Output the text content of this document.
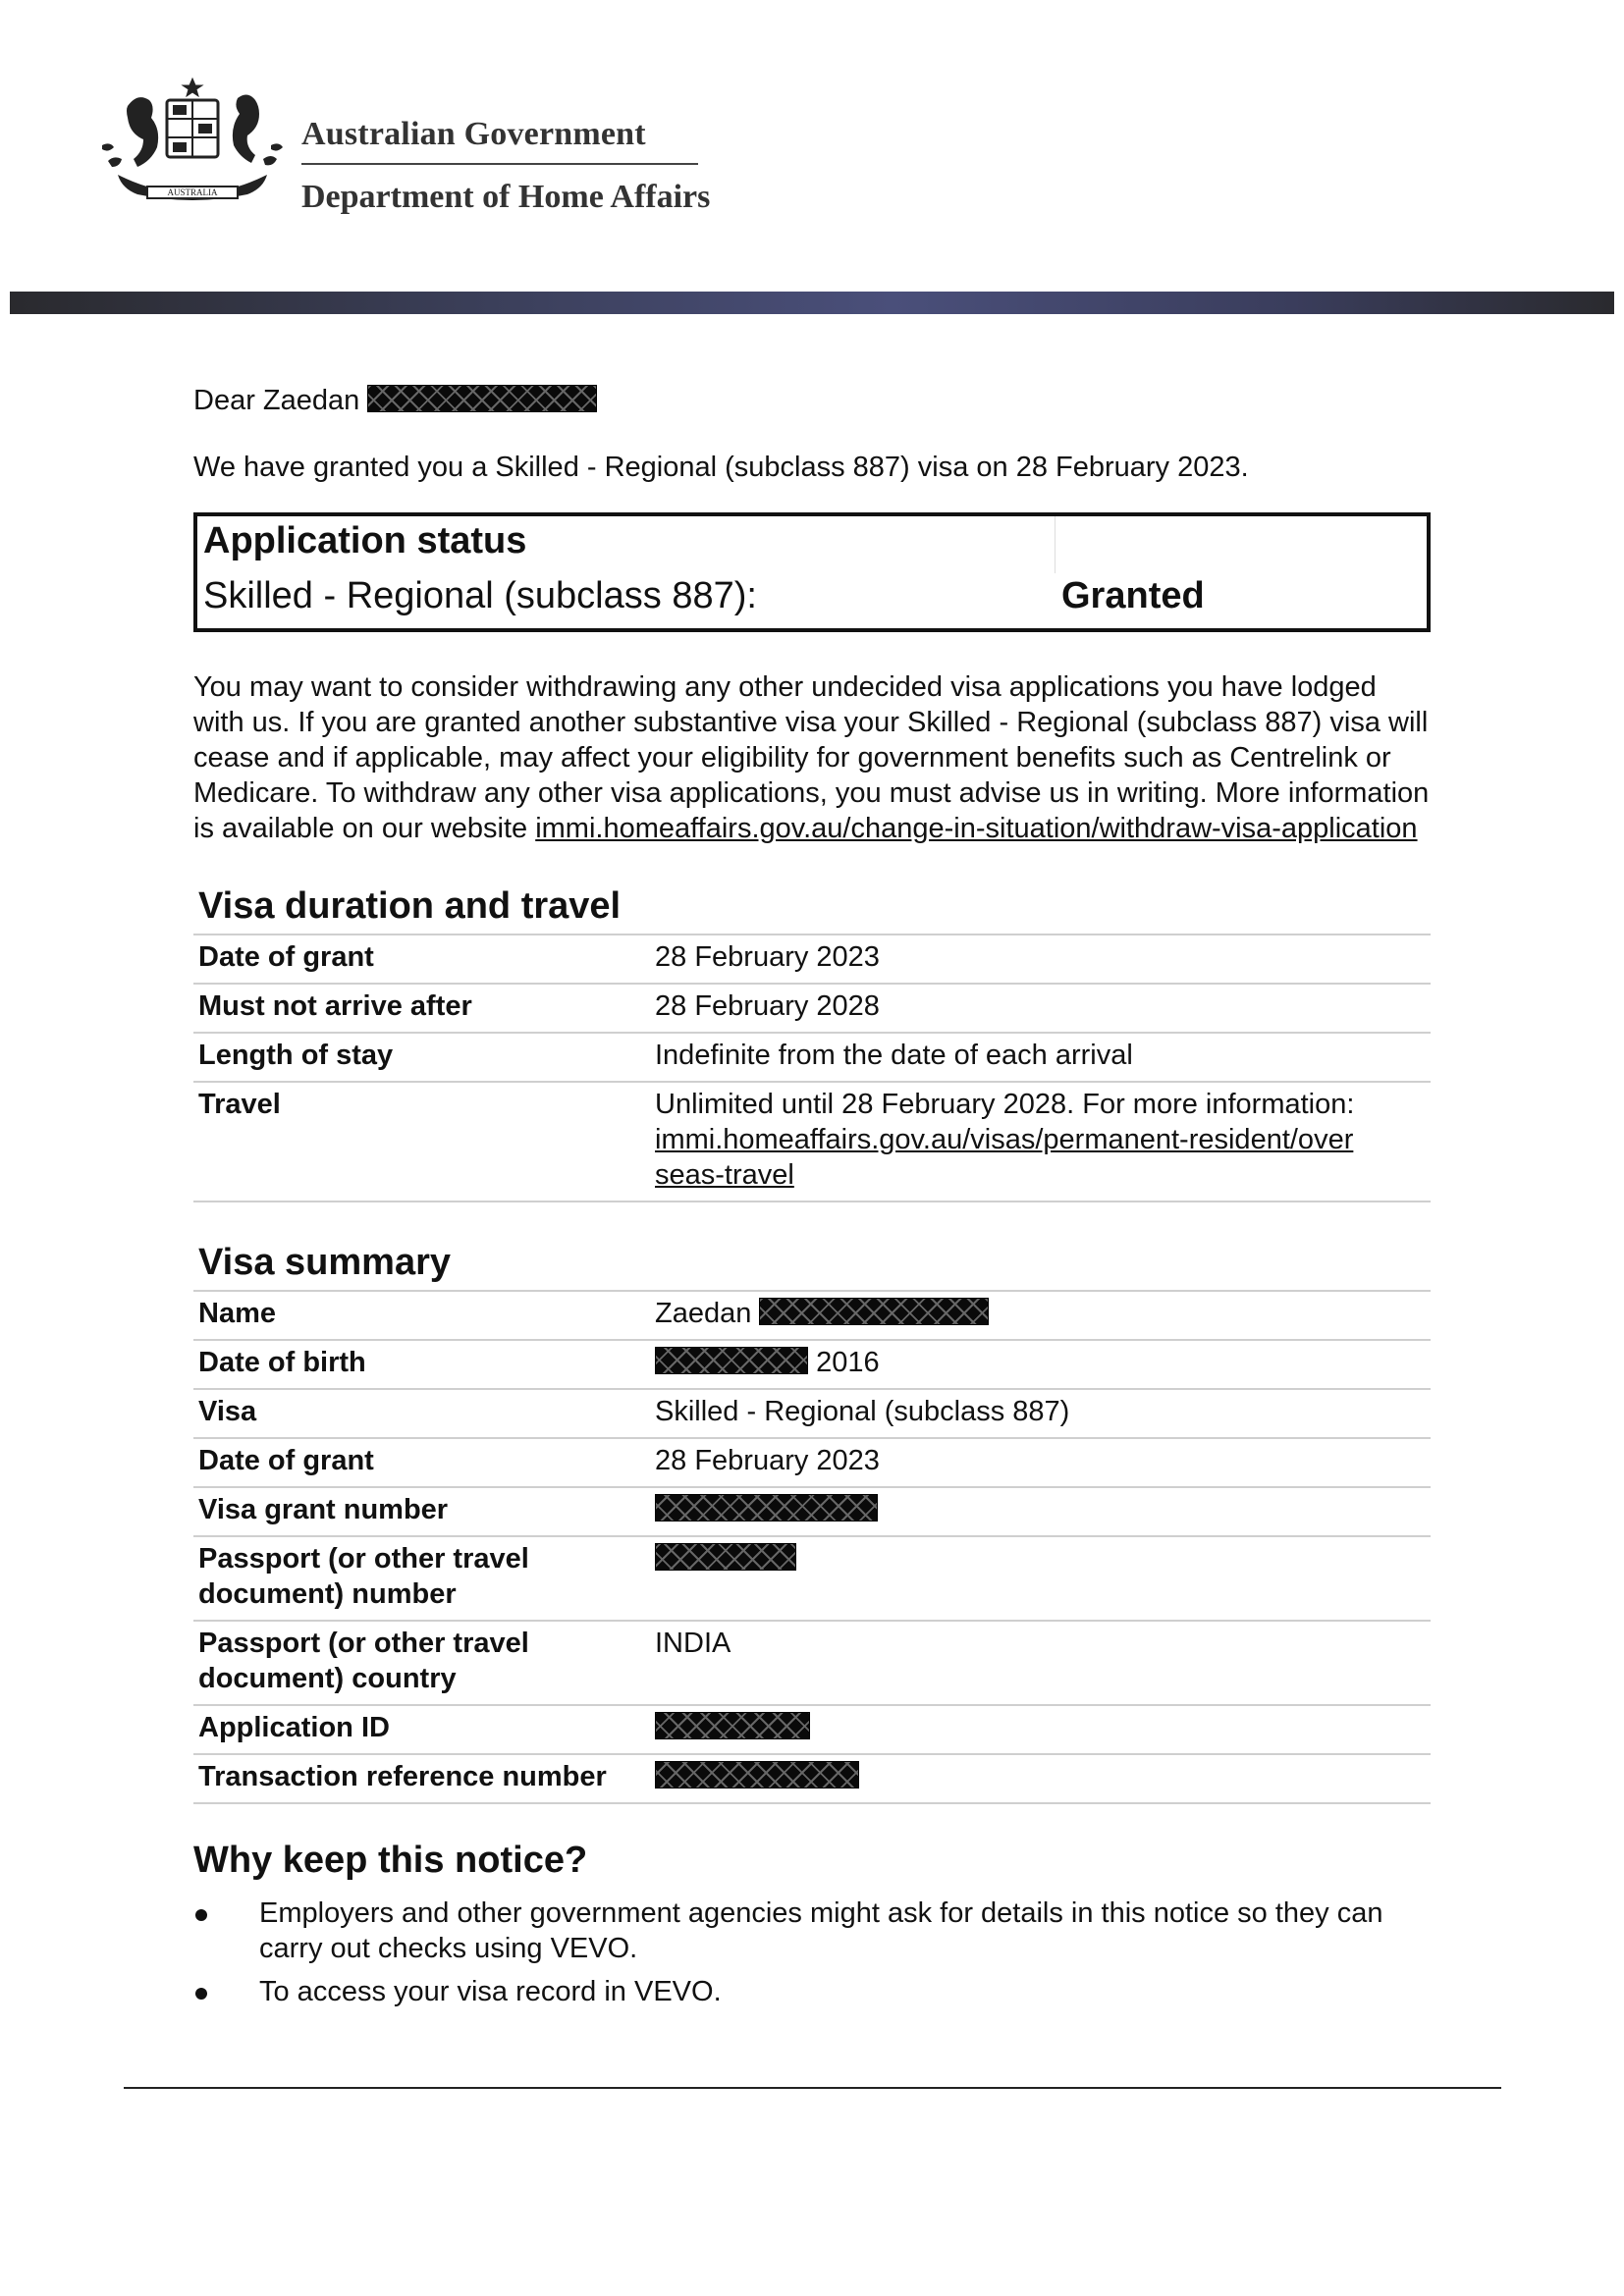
AUSTRALIA
Australian Government
Department of Home Affairs

Dear Zaedan

We have granted you a Skilled - Regional (subclass 887) visa on 28 February 2023.

Application status
Skilled - Regional (subclass 887):	Granted

You may want to consider withdrawing any other undecided visa applications you have lodged with us. If you are granted another substantive visa your Skilled - Regional (subclass 887) visa will cease and if applicable, may affect your eligibility for government benefits such as Centrelink or Medicare. To withdraw any other visa applications, you must advise us in writing. More information is available on our website immi.homeaffairs.gov.au/change-in-situation/withdraw-visa-application

Visa duration and travel
Date of grant	28 February 2023
Must not arrive after	28 February 2028
Length of stay	Indefinite from the date of each arrival
Travel	Unlimited until 28 February 2028. For more information:
immi.homeaffairs.gov.au/visas/permanent-resident/overseas-travel
Visa summary
Name	Zaedan
Date of birth	2016
Visa	Skilled - Regional (subclass 887)
Date of grant	28 February 2023
Visa grant number	
Passport (or other travel document) number	
Passport (or other travel document) country	INDIA
Application ID	
Transaction reference number	
Why keep this notice?
Employers and other government agencies might ask for details in this notice so they can carry out checks using VEVO.
To access your visa record in VEVO.
